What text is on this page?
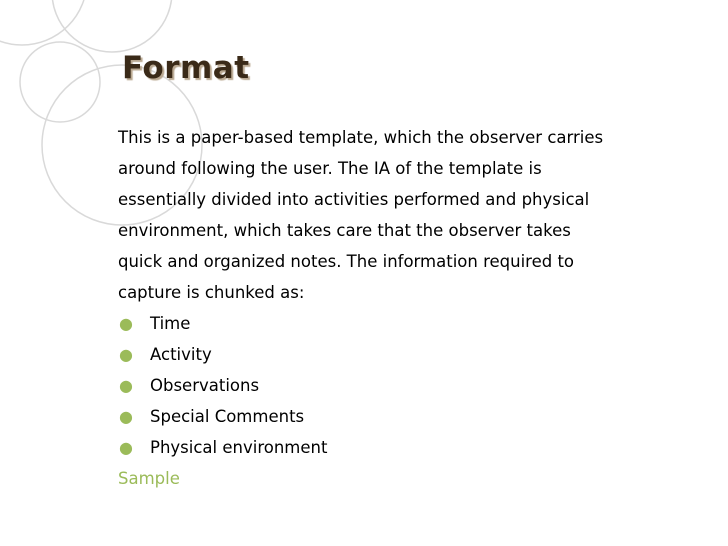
Format

This is a paper-based template, which the observer carries
around following the user. The IA of the template is
essentially divided into activities performed and physical
environment, which takes care that the observer takes
quick and organized notes. The information required to
capture is chunked as:

● Time
● Activity
● Observations
● Special Comments
● Physical environment

Sample
